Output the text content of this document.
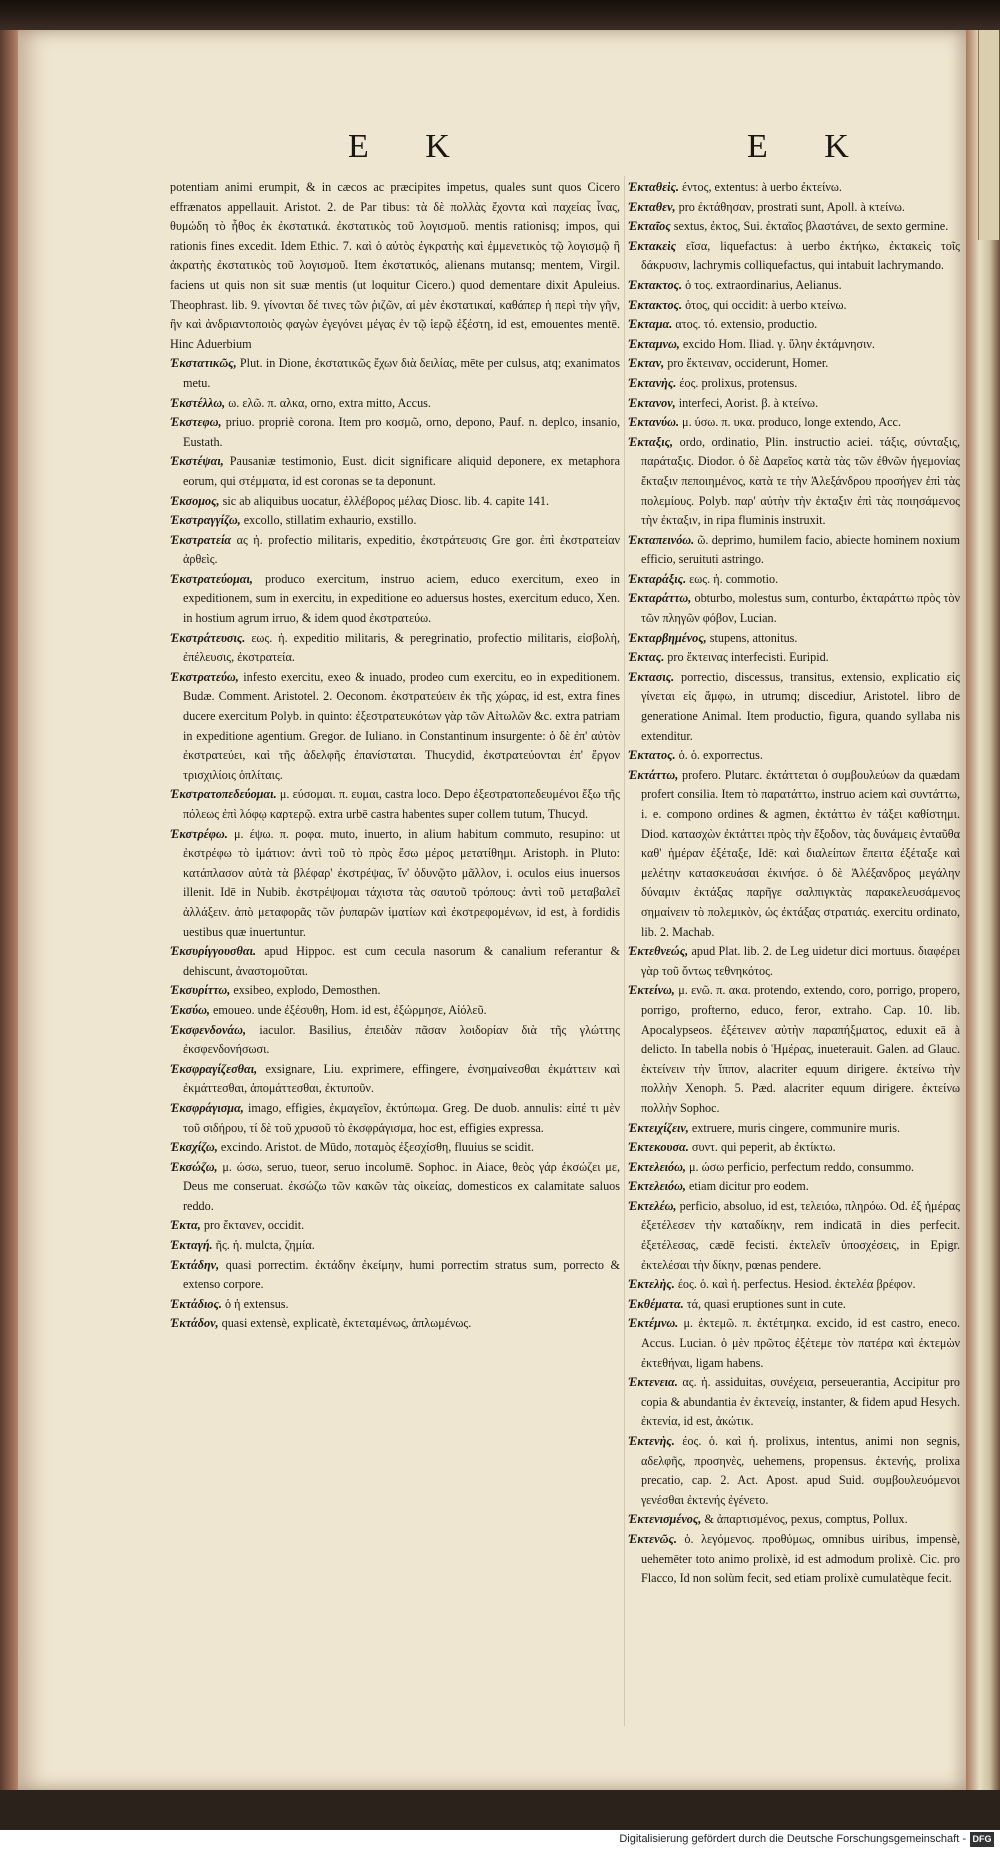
E K	E K

potentiam animi erumpit, & in cæcos ac præcipites impetus, quales sunt quos Cicero effrænatos appellauit. Aristot. 2. de Par tibus: τὰ δὲ πολλὰς ἔχοντα καὶ παχείας ἶνας, θυμώδη τὸ ἦθος ἐκ ἐκστατικά. ἐκστατικὸς τοῦ λογισμοῦ. mentis rationisq; impos, qui rationis fines excedit. Idem Ethic. 7. καὶ ὁ αὐτὸς ἐγκρατὴς καὶ ἐμμενετικὸς τῷ λογισμῷ ἢ ἀκρατὴς ἐκστατικὸς τοῦ λογισμοῦ. Item ἐκστατικός, alienans mutansq; mentem, Virgil. faciens ut quis non sit suæ mentis (ut loquitur Cicero.) quod dementare dixit Apuleius. Theophrast. lib. 9. γίνονται δέ τινες τῶν ῥιζῶν, αἱ μὲν ἐκστατικαί, καθάπερ ἡ περὶ τὴν γῆν, ἣν καὶ ἀνδριαντοποιὸς φαγὼν ἐγεγόνει μέγας ἐν τῷ ἱερῷ ἐξέστη, id est, emouentes mentē. Hinc Aduerbium

Ἐκστατικῶς, Plut. in Dione, ἐκστατικῶς ἔχων διὰ δειλίας, mēte per culsus, atq; exanimatos metu.

Ἐκστέλλω, ω. ελῶ. π. αλκα, orno, extra mitto, Accus.

Ἐκστεφω, priuo. propriè corona. Item pro κοσμῶ, orno, depono, Pauf. n. deplco, insanio, Eustath.

Ἐκστέψαι, Pausaniæ testimonio, Eust. dicit significare aliquid deponere, ex metaphora eorum, qui στέμματα, id est coronas se ta deponunt.

Ἐκσομος, sic ab aliquibus uocatur, ἐλλέβορος μέλας Diosc. lib. 4. capite 141.

Ἐκστραγγίζω, excollo, stillatim exhaurio, exstillo.

Ἐκστρατεία ας ἡ. profectio militaris, expeditio, ἐκστράτευσις Gre gor. ἐπὶ ἐκστρατείαν ἀρθεὶς.

Ἐκστρατεύομαι, produco exercitum, instruo aciem, educo exercitum, exeo in expeditionem, sum in exercitu, in expeditione eo aduersus hostes, exercitum educo, Xen. in hostium agrum irruo, & idem quod ἐκστρατεύω.

Ἐκστράτευσις. εως. ἡ. expeditio militaris, & peregrinatio, profectio militaris, εἰσβολὴ, ἐπέλευσις, ἐκστρατεία.

Ἐκστρατεύω, infesto exercitu, exeo & inuado, prodeo cum exercitu, eo in expeditionem. Budæ. Comment. Aristotel. 2. Oeconom. ἐκστρατεύειν ἐκ τῆς χώρας, id est, extra fines ducere exercitum Polyb. in quinto: ἐξεστρατευκότων γὰρ τῶν Αἰτωλῶν &c. extra patriam in expeditione agentium. Gregor. de Iuliano. in Constantinum insurgente: ὁ δὲ ἐπ' αὐτὸν ἐκστρατεύει, καὶ τῆς ἀδελφῆς ἐπανίσταται. Thucydid, ἐκστρατεύονται ἐπ' ἔργον τρισχιλίοις ὁπλίταις.

Ἐκστρατοπεδεύομαι. μ. εύσομαι. π. ευμαι, castra loco. Depo ἐξεστρατοπεδευμένοι ἔξω τῆς πόλεως ἐπὶ λόφῳ καρτερῷ. extra urbē castra habentes super collem tutum, Thucyd.

Ἐκστρέφω. μ. έψω. π. ροφα. muto, inuerto, in alium habitum commuto, resupino: ut ἐκστρέφω τὸ ἱμάτιον: ἀντὶ τοῦ τὸ πρὸς ἔσω μέρος μετατίθημι. Aristoph. in Pluto: κατάπλασον αὐτὰ τὰ βλέφαρ' ἐκστρέψας, ἵν' ὀδυνῷτο μᾶλλον, i. oculos eius inuersos illenit. Idē in Nubib. ἐκστρέψομαι τάχιστα τὰς σαυτοῦ τρόπους: ἀντὶ τοῦ μεταβαλεῖ ἀλλάξειν. ἀπὸ μεταφορᾶς τῶν ῥυπαρῶν ἱματίων καὶ ἐκστρεφομένων, id est, à fordidis uestibus quæ inuertuntur.

Ἐκσυρίγγουσθαι. apud Hippoc. est cum cecula nasorum & canalium referantur & dehiscunt, ἀναστομοῦται.

Ἐκσυρίττω, exsibeo, explodo, Demosthen.

Ἐκσύω, emoueo. unde ἐξέσυθη, Hom. id est, ἐξώρμησε, Αἰόλεῦ.

Ἐκσφενδονάω, iaculor. Basilius, ἐπειδὰν πᾶσαν λοιδορίαν διὰ τῆς γλώττης ἐκσφενδονήσωσι.

Ἐκσφραγίζεσθαι, exsignare, Liu. exprimere, effingere, ἐνσημαίνεσθαι ἐκμάττειν καὶ ἐκμάττεσθαι, ἀπομάττεσθαι, ἐκτυποῦν.

Ἐκσφράγισμα, imago, effigies, ἐκμαγεῖον, ἐκτύπωμα. Greg. De duob. annulis: εἰπέ τι μὲν τοῦ σιδήρου, τί δὲ τοῦ χρυσοῦ τὸ ἐκσφράγισμα, hoc est, effigies expressa.

Ἐκσχίζω, excindo. Aristot. de Mūdo, ποταμὸς ἐξεσχίσθη, fluuius se scidit.

Ἐκσώζω, μ. ώσω, seruo, tueor, seruo incolumē. Sophoc. in Aiace, θεὸς γάρ ἐκσώζει με, Deus me conseruat. ἐκσώζω τῶν κακῶν τὰς οἰκείας, domesticos ex calamitate saluos reddo.

Ἐκτα, pro ἔκτανεν, occidit.

Ἐκταγή. ῆς. ἡ. mulcta, ζημία.

Ἐκτάδην, quasi porrectim. ἐκτάδην ἐκείμην, humi porrectim stratus sum, porrecto & extenso corpore.

Ἐκτάδιος. ὁ ἡ extensus.

Ἐκτάδον, quasi extensè, explicatè, ἐκτεταμένως, ἁπλωμένως.

Ἐκταθεὶς. έντος, extentus: à uerbo ἐκτείνω.

Ἐκταθεν, pro ἐκτάθησαν, prostrati sunt, Apoll. à κτείνω.

Ἐκταῖος sextus, ἐκτος, Sui. ἐκταῖος βλαστάνει, de sexto germine.

Ἐκτακεὶς εῖσα, liquefactus: à uerbo ἐκτήκω, ἐκτακεὶς τοῖς δάκρυσιν, lachrymis colliquefactus, qui intabuit lachrymando.

Ἐκτακτος. ὁ τος. extraordinarius, Aelianus.

Ἐκτακτος. ὁτος, qui occidit: à uerbo κτείνω.

Ἐκταμα. ατος. τό. extensio, productio.

Ἐκταμνω, excido Hom. Iliad. γ. ὕλην ἐκτάμνησιν.

Ἐκταν, pro ἔκτειναν, occiderunt, Homer.

Ἐκτανὴς. έος. prolixus, protensus.

Ἐκτανον, interfeci, Aorist. β. à κτείνω.

Ἐκτανύω. μ. ύσω. π. υκα. produco, longe extendo, Acc.

Ἐκταξις, ordo, ordinatio, Plin. instructio aciei. τάξις, σύνταξις, παράταξις. Diodor. ὁ δὲ Δαρεῖος κατὰ τὰς τῶν ἐθνῶν ἡγεμονίας ἔκταξιν πεποιημένος, κατὰ τε τὴν Ἀλεξάνδρου προσήγεν ἐπὶ τὰς πολεμίους. Polyb. παρ' αὐτὴν τὴν ἐκταξιν ἐπὶ τὰς ποιησάμενος τὴν ἐκταξιν, in ripa fluminis instruxit.

Ἐκταπεινόω. ῶ. deprimo, humilem facio, abiecte hominem noxium efficio, seruituti astringo.

Ἐκταράξις. εως. ἡ. commotio.

Ἐκταράττω, obturbo, molestus sum, conturbo, ἐκταράττω πρὸς τὸν τῶν πληγῶν φόβον, Lucian.

Ἐκταρβημένος, stupens, attonitus.

Ἐκτας. pro ἔκτεινας interfecisti. Euripid.

Ἐκτασις. porrectio, discessus, transitus, extensio, explicatio εἰς γίνεται εἰς ἄμφω, in utrumq; discediur, Aristotel. libro de generatione Animal. Item productio, figura, quando syllaba nis extenditur.

Ἐκτατος. ὁ. ὁ. exporrectus.

Ἐκτάττω, profero. Plutarc. ἐκτάττεται ὁ συμβουλεύων da quædam profert consilia. Item τὸ παρατάττω, instruo aciem καὶ συντάττω, i. e. compono ordines & agmen, ἐκτάττω ἐν τάξει καθίστημι. Diod. κατασχὼν ἐκτάττει πρὸς τὴν ἔξοδον, τὰς δυνάμεις ἐνταῦθα καθ' ἡμέραν ἐξέταξε, Idē: καὶ διαλείπων ἔπειτα ἐξέταξε καὶ μελέτην κατασκευάσαι ἐκινήσε. ὁ δὲ Ἀλέξανδρος μεγάλην δύναμιν ἐκτάξας παρῆγε σαλπιγκτὰς παρακελευσάμενος σημαίνειν τὸ πολεμικὸν, ὡς ἐκτάξας στρατιάς. exercitu ordinato, lib. 2. Machab.

Ἐκτεθνεώς, apud Plat. lib. 2. de Leg uidetur dici mortuus. διαφέρει γὰρ τοῦ ὄντως τεθνηκότος.

Ἐκτείνω, μ. ενῶ. π. ακα. protendo, extendo, coro, porrigo, propero, porrigo, profterno, educo, feror, extraho. Cap. 10. lib. Apocalypseos. ἐξέτεινεν αὐτὴν παραπήξματος, eduxit eā à delicto. In tabella nobis ὁ Ἡμέρας, inueterauit. Galen. ad Glauc. ἐκτείνειν τὴν ἵππον, alacriter equum dirigere. ἐκτείνω τὴν πολλὴν Xenoph. 5. Pæd. alacriter equum dirigere. ἐκτείνω πολλὴν Sophoc.

Ἐκτειχίζειν, extruere, muris cingere, communire muris.

Ἐκτεκουσα. συντ. qui peperit, ab ἐκτίκτω.

Ἐκτελειόω, μ. ώσω perficio, perfectum reddo, consummo.

Ἐκτελειόω, etiam dicitur pro eodem.

Ἐκτελέω, perficio, absoluo, id est, τελειόω, πληρόω. Od. ἐξ ἡμέρας ἐξετέλεσεν τὴν καταδίκην, rem indicatā in dies perfecit. ἐξετέλεσας, cædē fecisti. ἐκτελεῖν ὑποσχέσεις, in Epigr. ἐκτελέσαι τὴν δίκην, pœnas pendere.

Ἐκτελὴς. έος. ὁ. καὶ ἡ. perfectus. Hesiod. ἐκτελέα βρέφον.

Ἐκθέματα. τά, quasi eruptiones sunt in cute.

Ἐκτέμνω. μ. ἐκτεμῶ. π. ἐκτέτμηκα. excido, id est castro, eneco. Accus. Lucian. ὁ μὲν πρῶτος ἐξέτεμε τὸν πατέρα καὶ ἐκτεμὼν ἐκτεθήναι, ligam habens.

Ἐκτενεια. ας. ἡ. assiduitas, συνέχεια, perseuerantia, Accipitur pro copia & abundantia ἐν ἐκτενείᾳ, instanter, & fidem apud Hesych. ἐκτενία, id est, ἀκώτικ.

Ἐκτενὴς. έος. ὁ. καὶ ἡ. prolixus, intentus, animi non segnis, αδελφῆς, προσηνὲς, uehemens, propensus. ἐκτενής, prolixa precatio, cap. 2. Act. Apost. apud Suid. συμβουλευόμενοι γενέσθαι ἐκτενής ἐγένετο.

Ἐκτενισμένος, & ἀπαρτισμένος, pexus, comptus, Pollux.

Ἐκτενῶς. ὁ. λεγόμενος. προθύμως, omnibus uiribus, impensè, uehemēter toto animo prolixè, id est admodum prolixè. Cic. pro Flacco, Id non solùm fecit, sed etiam prolixè cumulatèque fecit.

Digitalisierung gefördert durch die Deutsche Forschungsgemeinschaft - DFG
